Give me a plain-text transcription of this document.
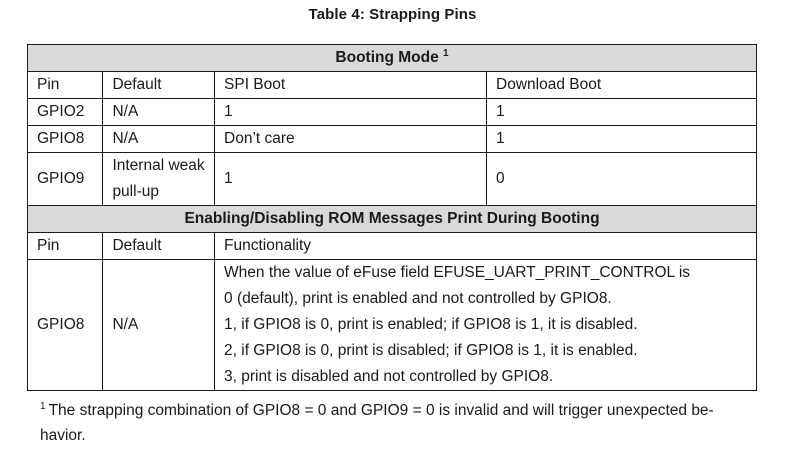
Table 4: Strapping Pins
Booting Mode $^1$
Pin	Default	SPI Boot	Download Boot
GPIO2	N/A	1	1
GPIO8	N/A	Don’t care	1
GPIO9	Internal weak pull-up	1	0
Enabling/Disabling ROM Messages Print During Booting			
Pin	Default	Functionality	
GPIO8	N/A	When the value of eFuse field EFUSE_UART_PRINT_CONTROL is
0 (default), print is enabled and not controlled by GPIO8.
1, if GPIO8 is 0, print is enabled; if GPIO8 is 1, it is disabled.
2, if GPIO8 is 0, print is disabled; if GPIO8 is 1, it is enabled.
3, print is disabled and not controlled by GPIO8.	
$^1$ The strapping combination of GPIO8 = 0 and GPIO9 = 0 is invalid and will trigger unexpected be-
havior.
